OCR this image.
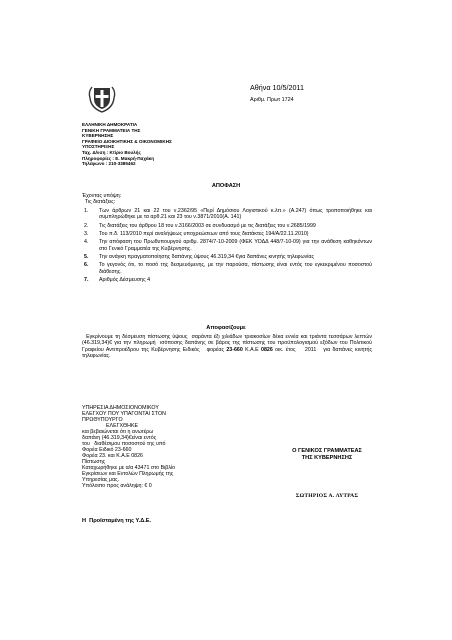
Αθήνα 10/5/2011
Αριθμ. Πρωτ 1724
ΕΛΛΗΝΙΚΗ ΔΗΜΟΚΡΑΤΙΑ
ΓΕΝΙΚΗ ΓΡΑΜΜΑΤΕΙΑ ΤΗΣ
ΚΥΒΕΡΝΗΣΗΣ
ΓΡΑΦΕΙΟ ΔΙΟΙΚΗΤΙΚΗΣ & ΟΙΚΟΝΟΜΙΚΗΣ
ΥΠΟΣΤΗΡΙΞΗΣ
Ταχ. Δ/νση : Κτίριο Βουλής
Πληροφορίες : Ε. Μακρή-Παχάκη
Τηλέφωνο : 210-3385462
ΑΠΟΦΑΣΗ
Έχοντας υπόψη:
Τις διατάξεις:
1.	Των άρθρων 21 και 22 του ν.2362/95 «Περί Δημόσιου Λογιστικού κ.λπ.» (Α.247) όπως τροποποιήθηκε και συμπληρώθηκε με τα αρθ.21 και 23 του ν.3871/2010(Α. 141)
2.	Τις διατάξεις του άρθρου 18 του ν.3166/2003 σε συνδυασμό με τις διατάξεις του ν.2685/1999
3.	Του π.δ. 113/2010 περί αναλήψεως υποχρεώσεων από τους διατάκτες 194/Α/22.11.2010)
4.	Την απόφαση του Πρωθυπουργού αριθμ. 2874/7-10-2009 (ΦΕΚ ΥΟΔΔ 448/7-10-09) για την ανάθεση καθηκόντων στο Γενικό Γραμματέα της Κυβέρνησης.
5.	Την ανάγκη πραγματοποίησης δαπάνης ύψους 46.319,34 €για δαπάνες κινητής τηλεφωνίας
6.	Το γεγονός ότι, το ποσό της δεσμευόμενης, με την παρούσα, πίστωσης είναι εντός του εγκεκριμένου ποσοστού διάθεσης.
7.	Αριθμός Δέσμευσης 4
Αποφασίζουμε
Εγκρίνουμε τη δέσμευση πίστωσης ύψους  σαράντα έξι χιλιάδων τριακοσίων δέκα εννέα και τριάντα τεσσάρων λεπτών  (46.319,34)€ για την πληρωμή  ισόποσης δαπάνης σε βάρος της πίστωσης του προϋπολογισμού εξόδων του Πολιτικού Γραφείου Αντιπροέδρου της Κυβέρνησης Ειδικός   φορέας 23-660 Κ.Α.Ε 0826 οικ. έτος    2011   για δαπάνες κινητής τηλεφωνίας.
ΥΠΗΡΕΣΙΑ ΔΗΜΟΣΙΟΝΟΜΙΚΟΥ
ΕΛΕΓΧΟΥ ΠΟΥ ΥΠΑΓΟΝΤΑΙ ΣΤΟΝ
ΠΡΩΘΥΠΟΥΡΓΟ
ΕΛΕΓΧΘΗΚΕ
και βεβαιώνεται ότι η ανωτέρω
δαπάνη (46.319,34)€είναι εντός
του   διαθέσιμου ποσοστού της υπό
Φορέα Ειδικό 23-660
Φορέα 23. και Κ.Α.Ε 0826
Πίστωσης
Καταχωρήθηκε με α/α 43471 στο Βιβλίο
Εγκρίσεων και Εντολών Πληρωμής της
Υπηρεσίας μας.
Υπόλοιπο προς ανάληψη: € 0
Ο ΓΕΝΙΚΟΣ ΓΡΑΜΜΑΤΕΑΣ
ΤΗΣ ΚΥΒΕΡΝΗΣΗΣ
ΣΩΤΗΡΙΟΣ Α. ΛΥΤΡΑΣ
Η  Προϊσταμένη της Υ.Δ.Ε.
